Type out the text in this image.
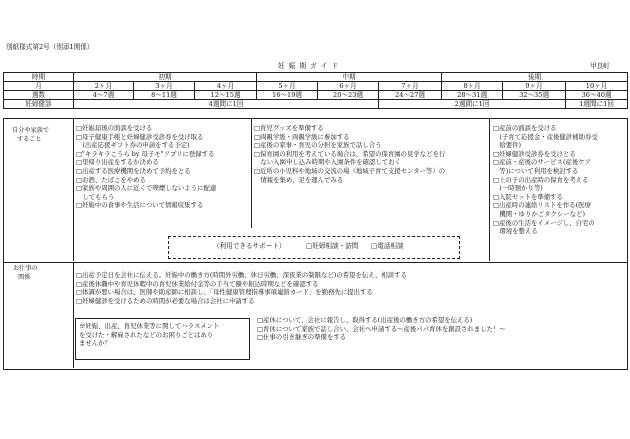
別紙様式第2号（別添1関係）
妊 娠 期 ガ イ ド	甲良町
時期	初期			中期			後期			
月	2ヶ月	3ヶ月	4ヶ月	5ヶ月	6ヶ月	7ヶ月	8ヶ月	9ヶ月	10ヶ月	
週数	4〜7週	8〜11週	12〜15週	16〜19週	20〜23週	24〜27週	28〜31週	32〜35週	36〜40週	
妊婦健診	4週間に1回					2週間に1回			1週間に1回	
自分や家族で
すること
□妊娠届後の面談を受ける
□母子健康手帳と妊婦健診受診券を受け取る
　(出産応援ギフト券の申請をする予定)
□"キラキラこうら by 母子モ"アプリに登録する
□里帰り出産をするか決める
□出産する医療機関を決めて予約をとる
□お酒、たばこをやめる
□家族や周囲の人に近くで喫煙しないように配慮
　してもらう
□妊娠中の食事や生活について情報収集する
□育児グッズを準備する
□両親学級・両親学級に参加する
□産後の家事・育児の分担を家族で話し合う
□保育園の利用を考えている場合は、希望の保育園の見学などを行
　ない入園申し込み時期や入園条件を確認しておく
□近所の小児科や地域の交流の場（地域子育て支援センター等）の
　情報を集め、足を運んでみる
□産前の面談を受ける
　(子育て応援金・産後健診補助券受
　給要件)
□妊婦健診受診券を受けとる
□産前・産後のサービス(産後ケア
　等)について利用を検討する
□上の子の出産時の保育を考える
　(一時預かり等)
□入院セットを準備する
□出産時の連絡リストを作る(医療
　機関・ゆりかごタクシーなど)
□産後の生活をイメージし、自宅の
　環境を整える
（利用できるサポート）	□妊婦相談・訪問 □電話相談
お仕事の
関係	□出産予定日を会社に伝える。妊娠中の働き方(時間外労働、休日労働、深夜業の制限など)の希望を伝え、相談する
□産後休職中や育児休暇中の育児休業給付金等の手当て額や振込時期などを確認する
□体調が悪い場合は、医師や助産師に相談し、「母性健康管理指導事項連絡カード」を勤務先に提出する
□妊婦健診を受けるための時間が必要な場合は会社に申請する
※妊娠、出産、育児休業等に関してハラスメント
を受けた・解雇されたなどのお困りごとはあり
ませんか？
□産休について、会社に報告し、取得する(出産後の働き方の希望を伝える)
□育休について家族で話し合い、会社へ申請する〜産後パパ育休を創設されました！〜
□仕事の引き継ぎの準備をする
